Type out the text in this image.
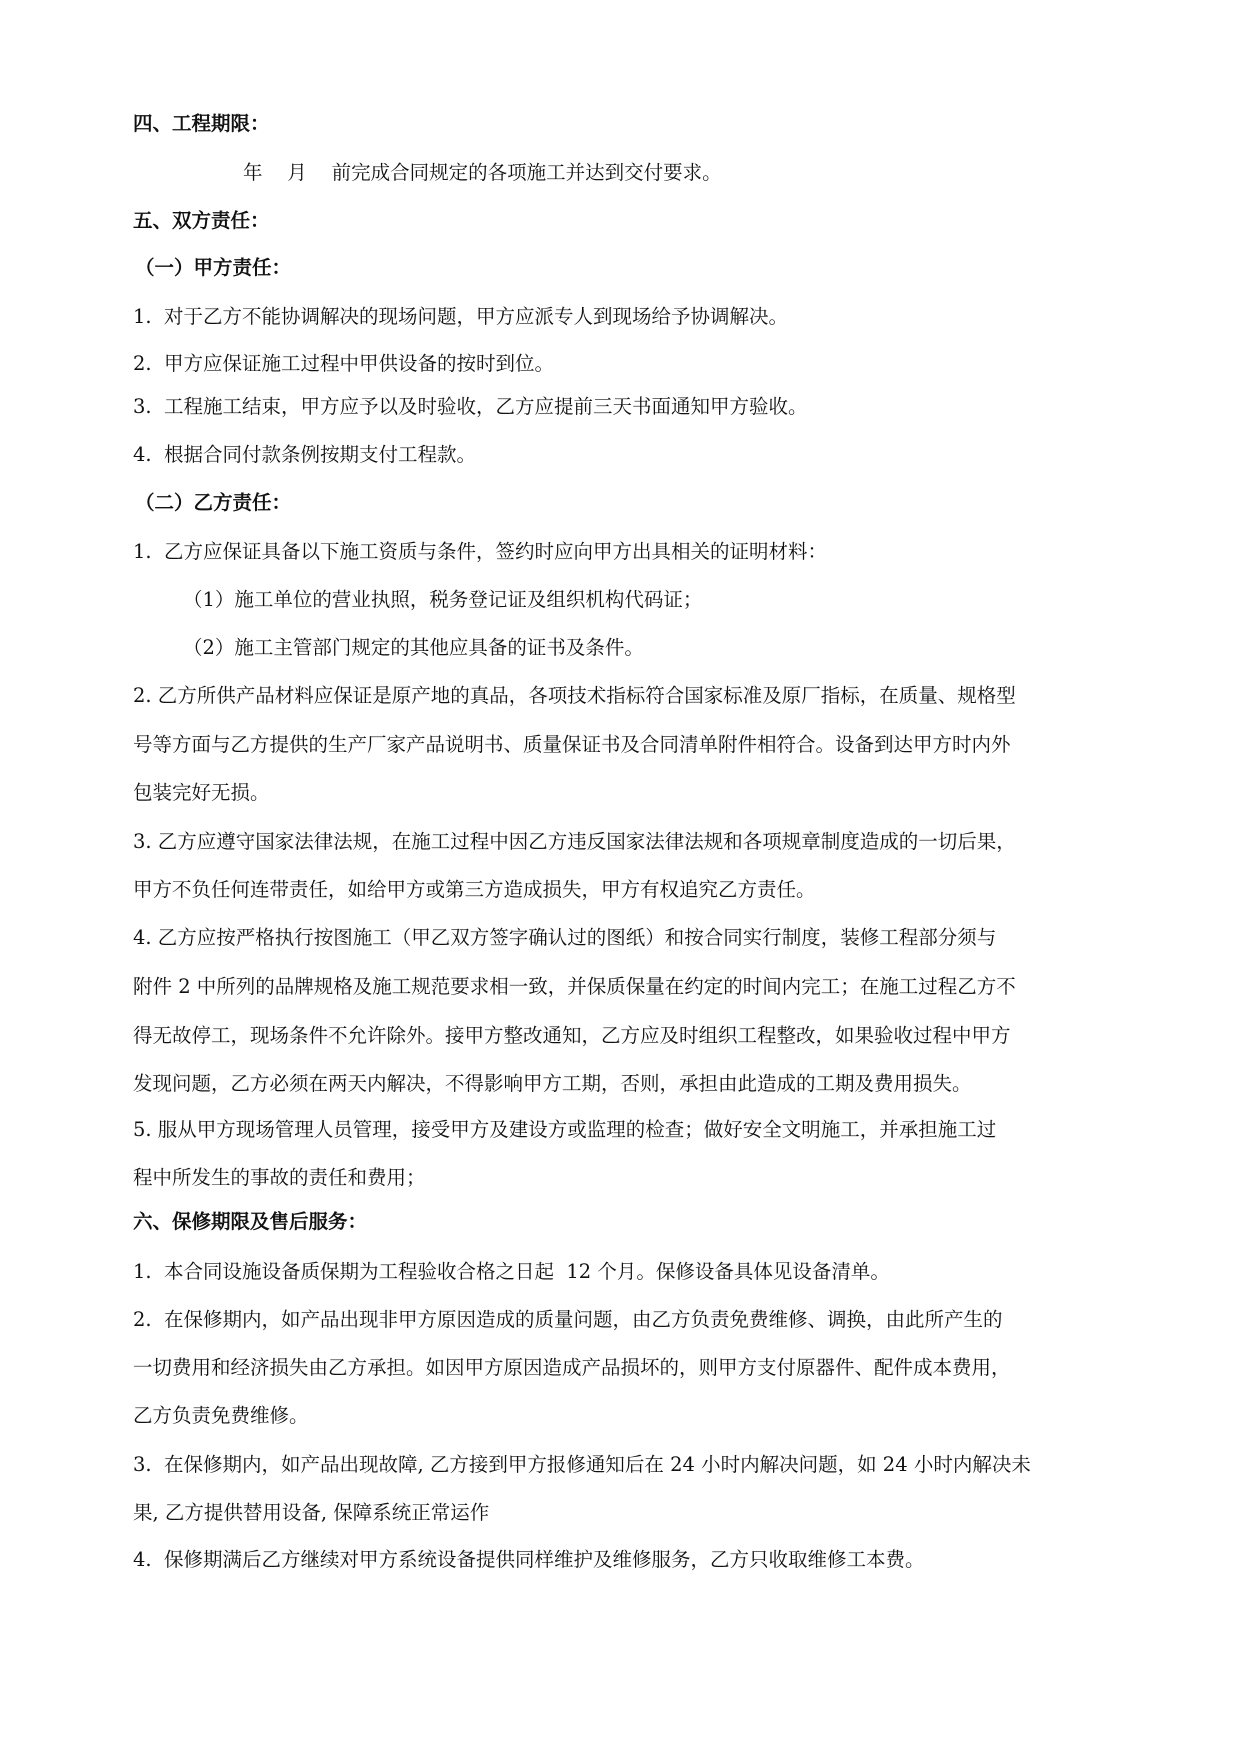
四、工程期限：
年    月    前完成合同规定的各项施工并达到交付要求。
五、双方责任：
（一）甲方责任：
1.  对于乙方不能协调解决的现场问题，甲方应派专人到现场给予协调解决。
2.  甲方应保证施工过程中甲供设备的按时到位。
3.  工程施工结束，甲方应予以及时验收，乙方应提前三天书面通知甲方验收。
4.  根据合同付款条例按期支付工程款。
（二）乙方责任：
1.  乙方应保证具备以下施工资质与条件，签约时应向甲方出具相关的证明材料：
（1）施工单位的营业执照，税务登记证及组织机构代码证；
（2）施工主管部门规定的其他应具备的证书及条件。
2. 乙方所供产品材料应保证是原产地的真品，各项技术指标符合国家标准及原厂指标，在质量、规格型
号等方面与乙方提供的生产厂家产品说明书、质量保证书及合同清单附件相符合。设备到达甲方时内外
包装完好无损。
3. 乙方应遵守国家法律法规，在施工过程中因乙方违反国家法律法规和各项规章制度造成的一切后果，
甲方不负任何连带责任，如给甲方或第三方造成损失，甲方有权追究乙方责任。
4. 乙方应按严格执行按图施工（甲乙双方签字确认过的图纸）和按合同实行制度，装修工程部分须与
附件 2 中所列的品牌规格及施工规范要求相一致，并保质保量在约定的时间内完工；在施工过程乙方不
得无故停工，现场条件不允许除外。接甲方整改通知，乙方应及时组织工程整改，如果验收过程中甲方
发现问题，乙方必须在两天内解决，不得影响甲方工期，否则，承担由此造成的工期及费用损失。
5. 服从甲方现场管理人员管理，接受甲方及建设方或监理的检查；做好安全文明施工，并承担施工过
程中所发生的事故的责任和费用；
六、保修期限及售后服务：
1.  本合同设施设备质保期为工程验收合格之日起  12 个月。保修设备具体见设备清单。
2.  在保修期内，如产品出现非甲方原因造成的质量问题，由乙方负责免费维修、调换，由此所产生的
一切费用和经济损失由乙方承担。如因甲方原因造成产品损坏的，则甲方支付原器件、配件成本费用，
乙方负责免费维修。
3.  在保修期内，如产品出现故障, 乙方接到甲方报修通知后在 24 小时内解决问题，如 24 小时内解决未
果, 乙方提供替用设备, 保障系统正常运作
4.  保修期满后乙方继续对甲方系统设备提供同样维护及维修服务，乙方只收取维修工本费。
